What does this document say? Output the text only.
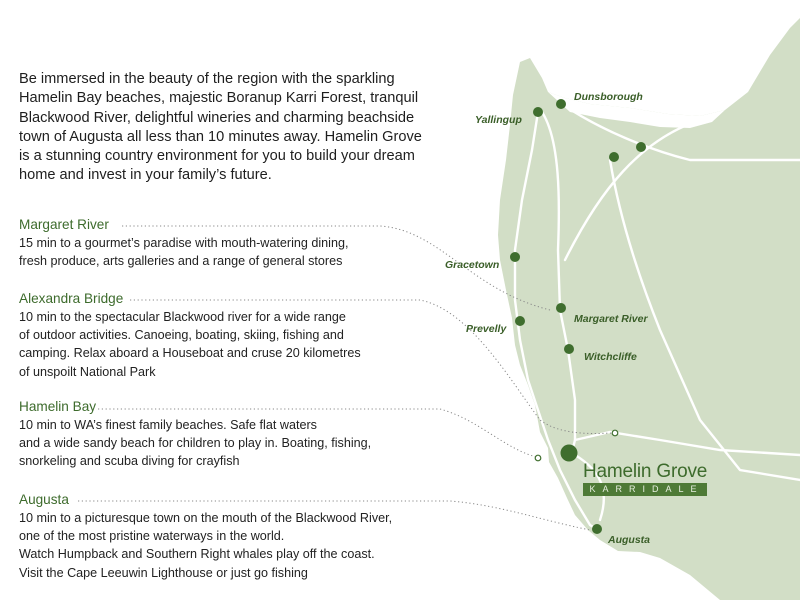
Dunsborough
Yallingup
Gracetown
Margaret River
Prevelly
Witchcliffe
Augusta
Hamelin Grove
KARRIDALE
Be immersed in the beauty of the region with the sparkling Hamelin Bay beaches, majestic Boranup Karri Forest, tranquil Blackwood River, delightful wineries and charming beachside town of Augusta all less than 10 minutes away. Hamelin Grove is a stunning country environment for you to build your dream home and invest in your family’s future.
Margaret River
15 min to a gourmet’s paradise with mouth-watering dining,
fresh produce, arts galleries and a range of general stores
Alexandra Bridge
10 min to the spectacular Blackwood river for a wide range
of outdoor activities. Canoeing, boating, skiing, fishing and
camping. Relax aboard a Houseboat and cruse 20 kilometres
of unspoilt National Park
Hamelin Bay
10 min to WA’s finest family beaches. Safe flat waters
and a wide sandy beach for children to play in. Boating, fishing,
snorkeling and scuba diving for crayfish
Augusta
10 min to a picturesque town on the mouth of the Blackwood River,
one of the most pristine waterways in the world.
Watch Humpback and Southern Right whales play off the coast.
Visit the Cape Leeuwin Lighthouse or just go fishing
